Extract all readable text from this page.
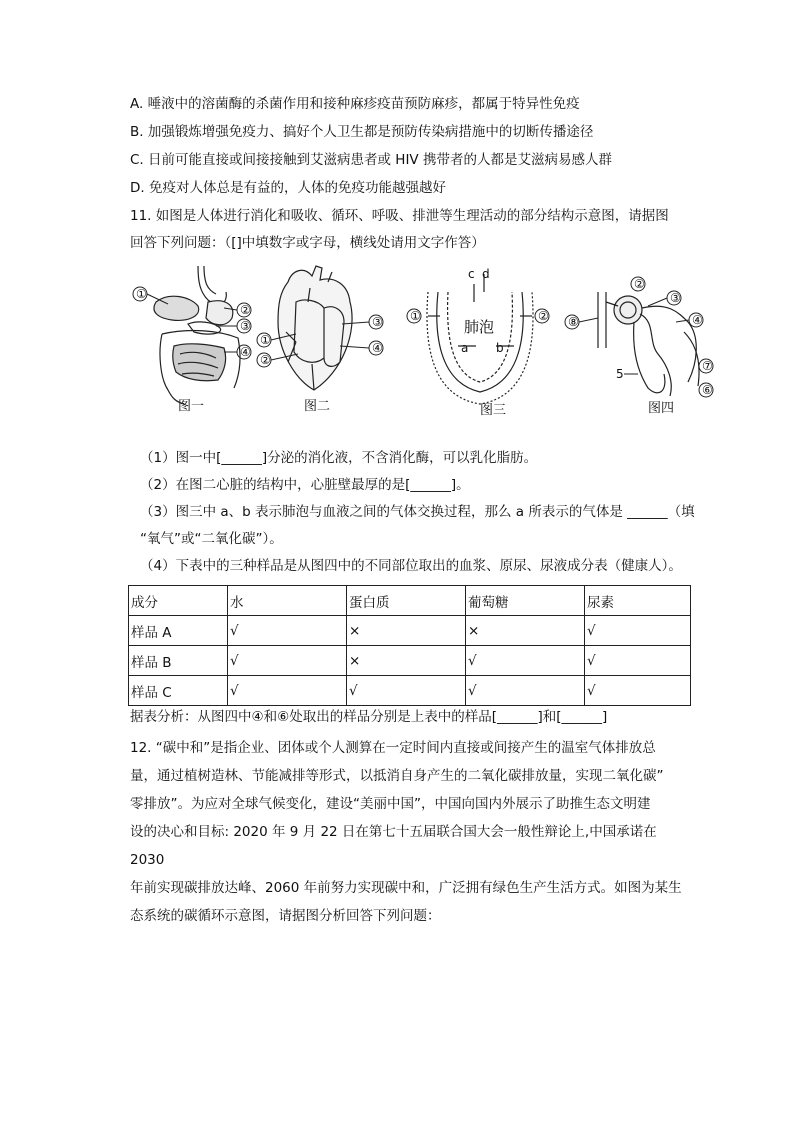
A. 唾液中的溶菌酶的杀菌作用和接种麻疹疫苗预防麻疹，都属于特异性免疫
B. 加强锻炼增强免疫力、搞好个人卫生都是预防传染病措施中的切断传播途径
C. 日前可能直接或间接接触到艾滋病患者或 HIV 携带者的人都是艾滋病易感人群
D. 免疫对人体总是有益的，人体的免疫功能越强越好
11. 如图是人体进行消化和吸收、循环、呼吸、排泄等生理活动的部分结构示意图，请据图
回答下列问题：（[]中填数字或字母，横线处请用文字作答）
①
②
③
④
图一
①
②
③
④
图二
c d
肺泡
a b
①	②
图三
②
③
④
⑧
5
⑦
⑥
图四
（1）图一中[______]分泌的消化液，不含消化酶，可以乳化脂肪。
（2）在图二心脏的结构中，心脏壁最厚的是[______]。
（3）图三中 a、b 表示肺泡与血液之间的气体交换过程，那么 a 所表示的气体是 ______（填
“氧气”或“二氧化碳”）。
（4）下表中的三种样品是从图四中的不同部位取出的血浆、原尿、尿液成分表（健康人）。
成分	水	蛋白质	葡萄糖	尿素
样品 A	√	×	×	√
样品 B	√	×	√	√
样品 C	√	√	√	√
据表分析：从图四中④和⑥处取出的样品分别是上表中的样品[______]和[______]
12. “碳中和”是指企业、团体或个人测算在一定时间内直接或间接产生的温室气体排放总
量，通过植树造林、节能减排等形式，以抵消自身产生的二氧化碳排放量，实现二氧化碳”
零排放”。为应对全球气候变化，建设“美丽中国”，中国向国内外展示了助推生态文明建
设的决心和目标: 2020 年 9 月 22 日在第七十五届联合国大会一般性辩论上,中国承诺在 2030
年前实现碳排放达峰、2060 年前努力实现碳中和，广泛拥有绿色生产生活方式。如图为某生
态系统的碳循环示意图，请据图分析回答下列问题：
